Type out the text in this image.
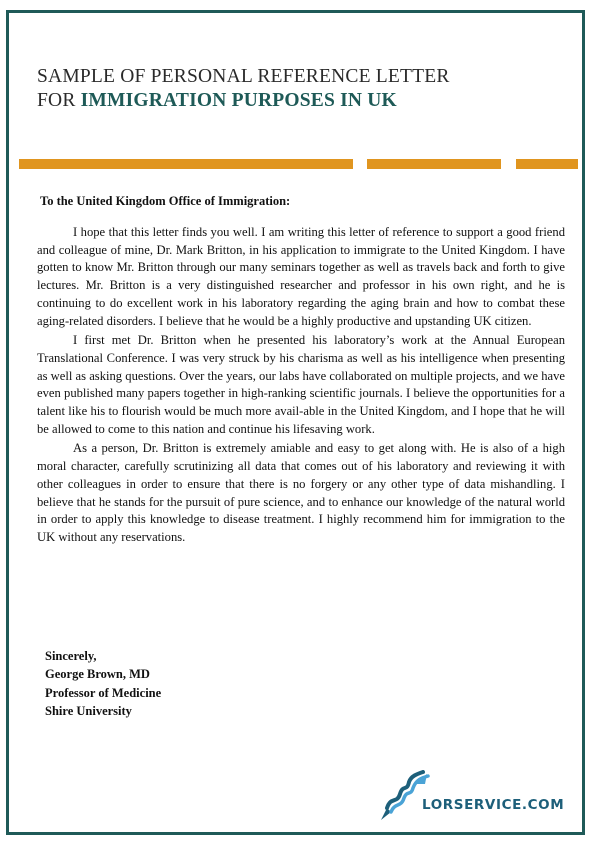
SAMPLE OF PERSONAL REFERENCE LETTER
FOR IMMIGRATION PURPOSES IN UK

To the United Kingdom Office of Immigration:

I hope that this letter finds you well. I am writing this letter of reference to support a good friend and colleague of mine, Dr. Mark Britton, in his application to immigrate to the United Kingdom. I have gotten to know Mr. Britton through our many seminars together as well as travels back and forth to give lectures. Mr. Britton is a very distinguished researcher and professor in his own right, and he is continuing to do excellent work in his laboratory regarding the aging brain and how to combat these aging-related disorders. I believe that he would be a highly productive and upstanding UK citizen.

I first met Dr. Britton when he presented his laboratory’s work at the Annual European Translational Conference. I was very struck by his charisma as well as his intelligence when presenting as well as asking questions. Over the years, our labs have collaborated on multiple projects, and we have even published many papers together in high-ranking scientific journals. I believe the opportunities for a talent like his to flourish would be much more avail-able in the United Kingdom, and I hope that he will be allowed to come to this nation and continue his lifesaving work.

As a person, Dr. Britton is extremely amiable and easy to get along with. He is also of a high moral character, carefully scrutinizing all data that comes out of his laboratory and reviewing it with other colleagues in order to ensure that there is no forgery or any other type of data mishandling. I believe that he stands for the pursuit of pure science, and to enhance our knowledge of the natural world in order to apply this knowledge to disease treatment. I highly recommend him for immigration to the UK without any reservations.

Sincerely,
George Brown, MD
Professor of Medicine
Shire University
LORSERVICE.COM
